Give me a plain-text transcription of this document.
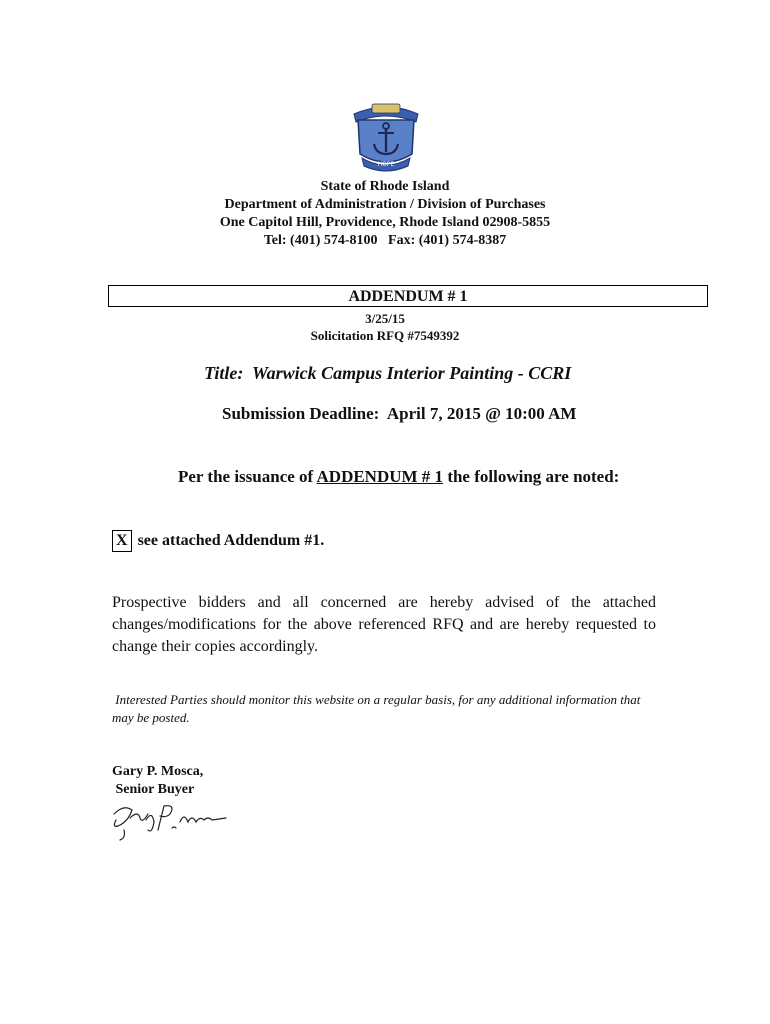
HOPE
State of Rhode Island
Department of Administration / Division of Purchases
One Capitol Hill, Providence, Rhode Island 02908-5855
Tel: (401) 574-8100   Fax: (401) 574-8387
ADDENDUM # 1
3/25/15
Solicitation RFQ #7549392
Title:  Warwick Campus Interior Painting - CCRI
Submission Deadline:  April 7, 2015 @ 10:00 AM
Per the issuance of ADDENDUM # 1 the following are noted:
X see attached Addendum #1.
Prospective bidders and all concerned are hereby advised of the attached changes/modifications for the above referenced RFQ and are hereby requested to change their copies accordingly.
Interested Parties should monitor this website on a regular basis, for any additional information that may be posted.
Gary P. Mosca,
Senior Buyer
